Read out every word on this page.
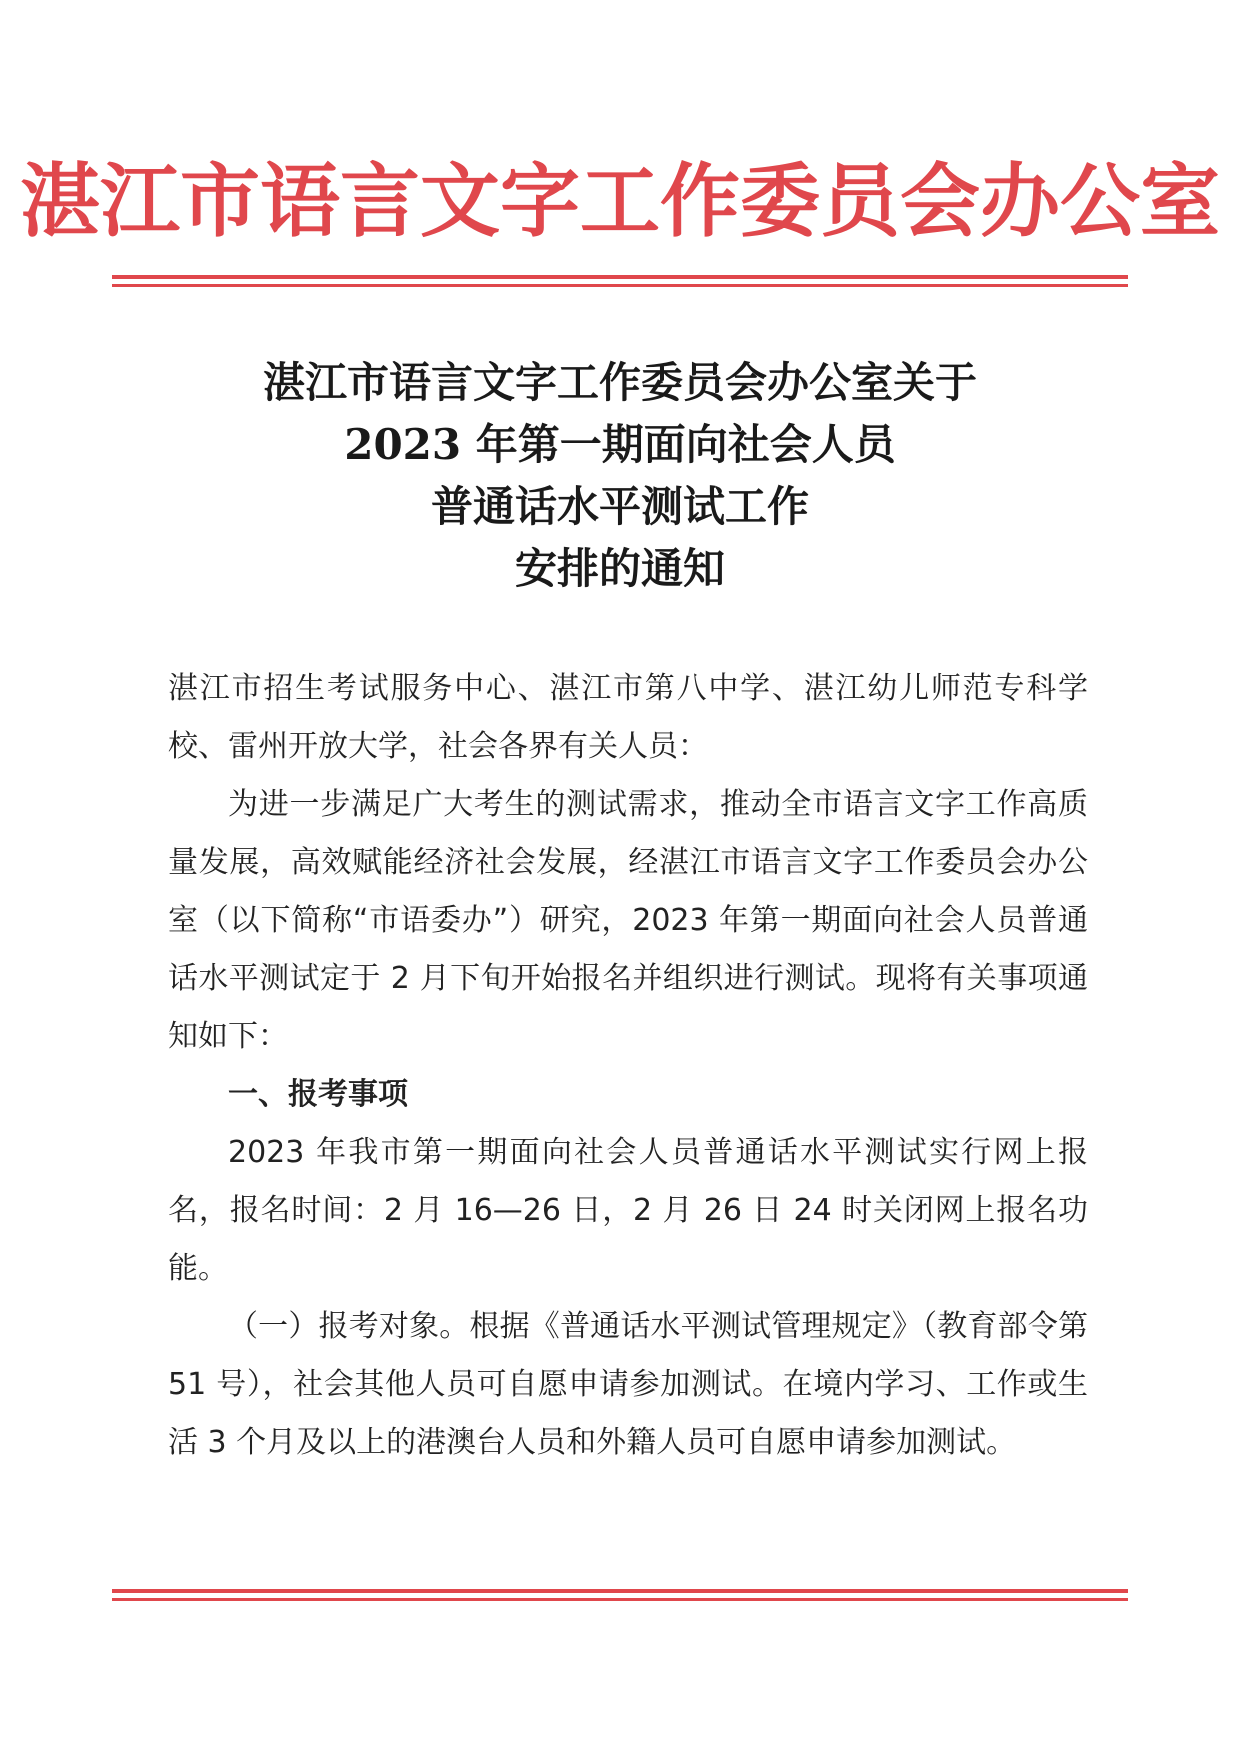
湛江市语言文字工作委员会办公室
湛江市语言文字工作委员会办公室关于
2023 年第一期面向社会人员
普通话水平测试工作
安排的通知

湛江市招生考试服务中心、湛江市第八中学、湛江幼儿师范专科学校、雷州开放大学，社会各界有关人员：

为进一步满足广大考生的测试需求，推动全市语言文字工作高质量发展，高效赋能经济社会发展，经湛江市语言文字工作委员会办公室（以下简称“市语委办”）研究，2023 年第一期面向社会人员普通话水平测试定于 2 月下旬开始报名并组织进行测试。现将有关事项通知如下：

一、报考事项

2023 年我市第一期面向社会人员普通话水平测试实行网上报名，报名时间：2 月 16—26 日，2 月 26 日 24 时关闭网上报名功能。

（一）报考对象。根据《普通话水平测试管理规定》（教育部令第 51 号），社会其他人员可自愿申请参加测试。在境内学习、工作或生活 3 个月及以上的港澳台人员和外籍人员可自愿申请参加测试。
